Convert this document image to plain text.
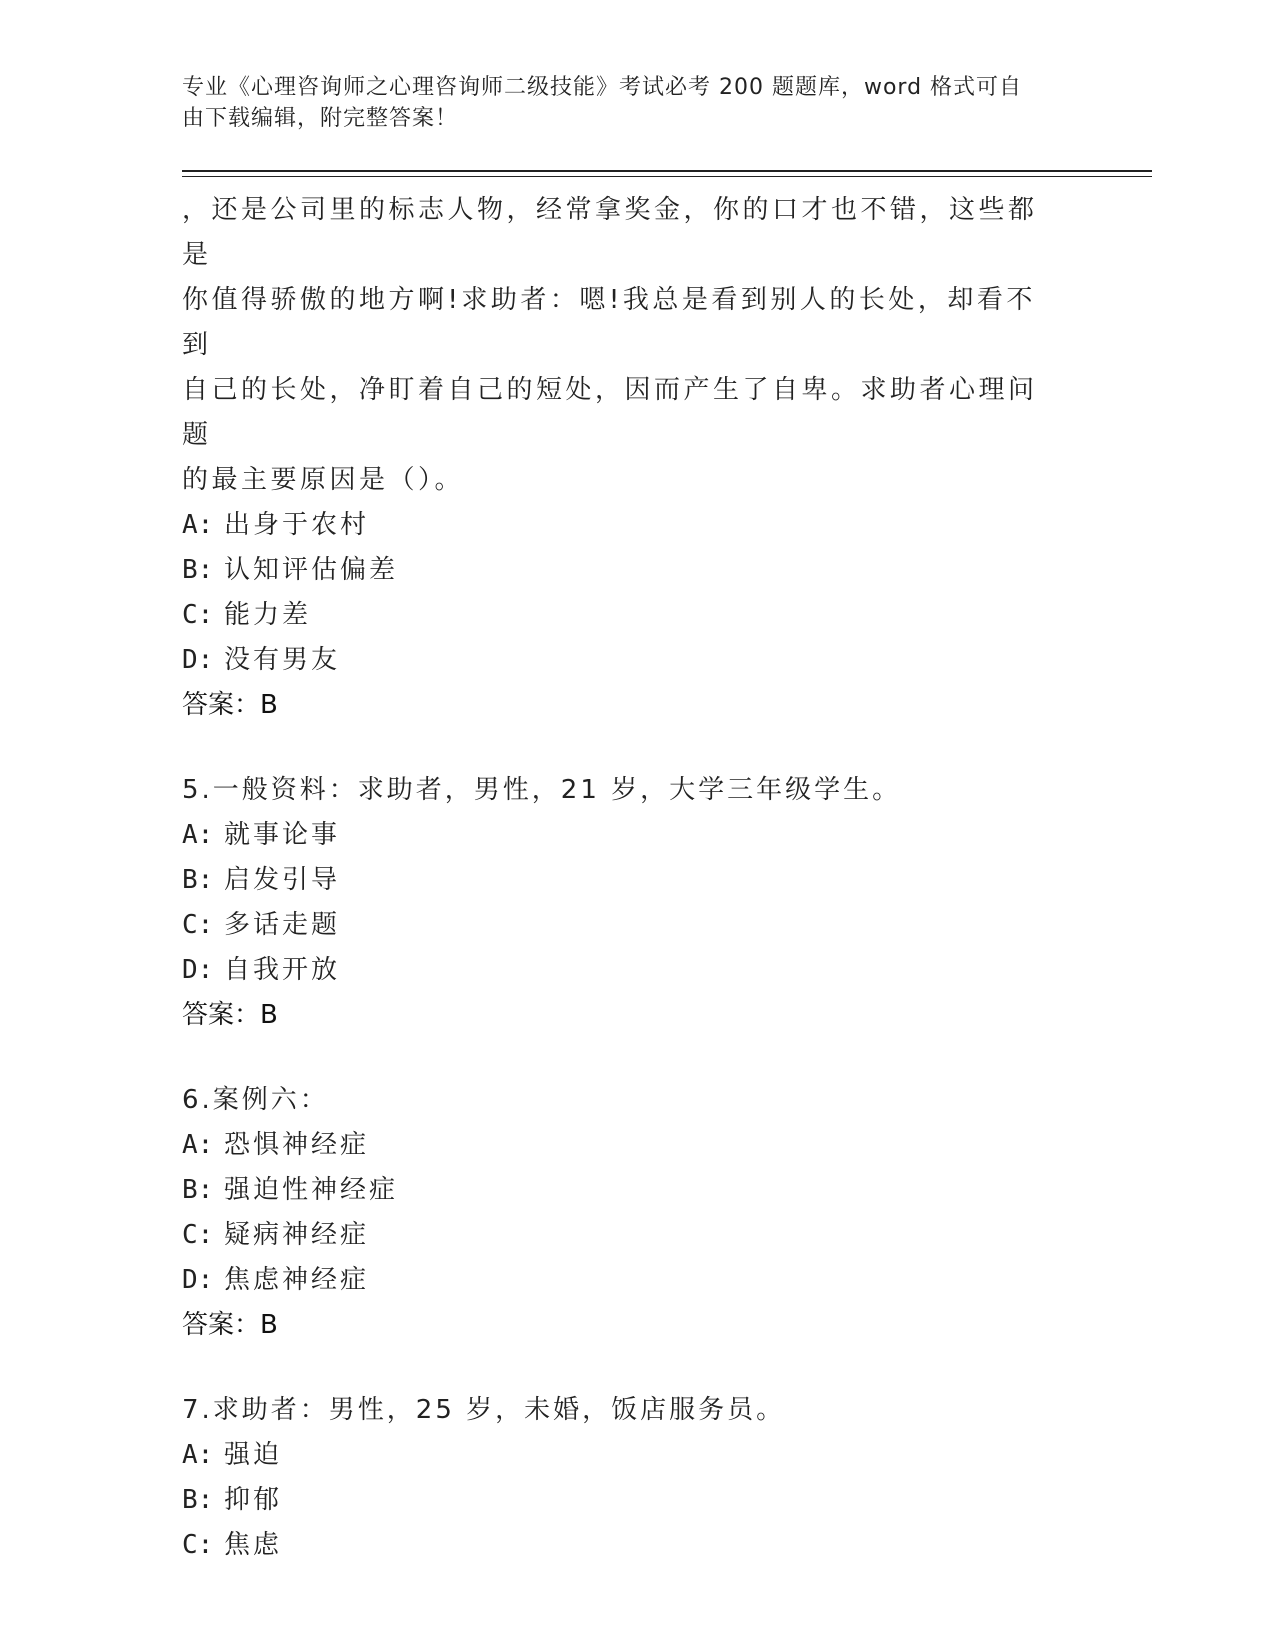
专业《心理咨询师之心理咨询师二级技能》考试必考 200 题题库，word 格式可自
由下载编辑，附完整答案！

，还是公司里的标志人物，经常拿奖金，你的口才也不错，这些都是

你值得骄傲的地方啊!求助者：嗯!我总是看到别人的长处，却看不到

自己的长处，净盯着自己的短处，因而产生了自卑。求助者心理问题

的最主要原因是（）。

A: 出身于农村

B: 认知评估偏差

C: 能力差

D: 没有男友

答案：B

5.一般资料：求助者，男性，21 岁，大学三年级学生。

A: 就事论事

B: 启发引导

C: 多话走题

D: 自我开放

答案：B

6.案例六：

A: 恐惧神经症

B: 强迫性神经症

C: 疑病神经症

D: 焦虑神经症

答案：B

7.求助者：男性，25 岁，未婚，饭店服务员。

A: 强迫

B: 抑郁

C: 焦虑
